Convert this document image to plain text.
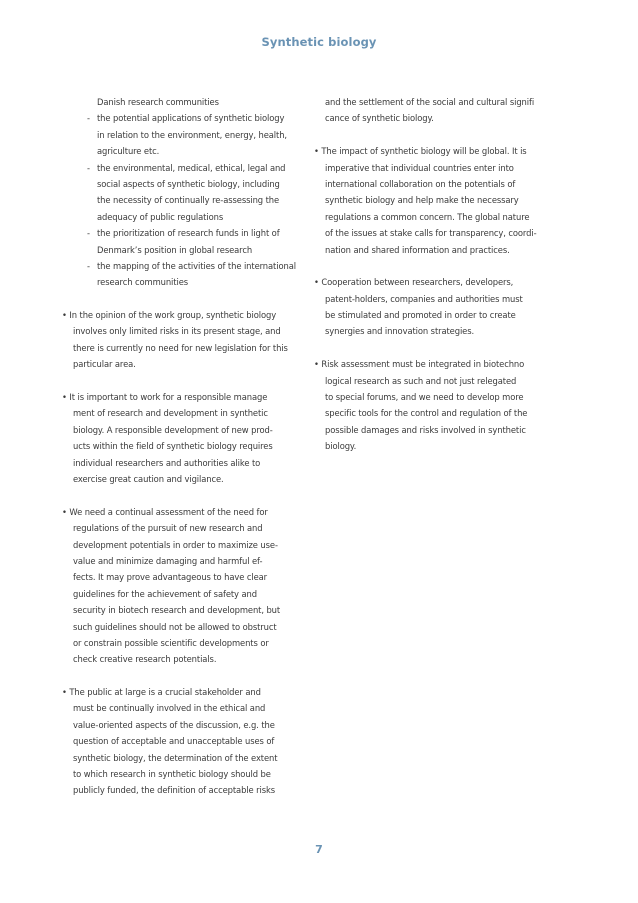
Synthetic biology
Danish research communities
- the potential applications of synthetic biology
in relation to the environment, energy, health,
agriculture etc.
- the environmental, medical, ethical, legal and
social aspects of synthetic biology, including
the necessity of continually re-assessing the
adequacy of public regulations
- the prioritization of research funds in light of
Denmark’s position in global research
- the mapping of the activities of the international
research communities
• In the opinion of the work group, synthetic biology
involves only limited risks in its present stage, and
there is currently no need for new legislation for this
particular area.
• It is important to work for a responsible manage
ment of research and development in synthetic
biology. A responsible development of new prod-
ucts within the field of synthetic biology requires
individual researchers and authorities alike to
exercise great caution and vigilance.
• We need a continual assessment of the need for
regulations of the pursuit of new research and
development potentials in order to maximize use-
value and minimize damaging and harmful ef-
fects. It may prove advantageous to have clear
guidelines for the achievement of safety and
security in biotech research and development, but
such guidelines should not be allowed to obstruct
or constrain possible scientific developments or
check creative research potentials.
• The public at large is a crucial stakeholder and
must be continually involved in the ethical and
value-oriented aspects of the discussion, e.g. the
question of acceptable and unacceptable uses of
synthetic biology, the determination of the extent
to which research in synthetic biology should be
publicly funded, the definition of acceptable risks
and the settlement of the social and cultural signifi
cance of synthetic biology.
• The impact of synthetic biology will be global. It is
imperative that individual countries enter into
international collaboration on the potentials of
synthetic biology and help make the necessary
regulations a common concern. The global nature
of the issues at stake calls for transparency, coordi-
nation and shared information and practices.
• Cooperation between researchers, developers,
patent-holders, companies and authorities must
be stimulated and promoted in order to create
synergies and innovation strategies.
• Risk assessment must be integrated in biotechno
logical research as such and not just relegated
to special forums, and we need to develop more
specific tools for the control and regulation of the
possible damages and risks involved in synthetic
biology.
7
